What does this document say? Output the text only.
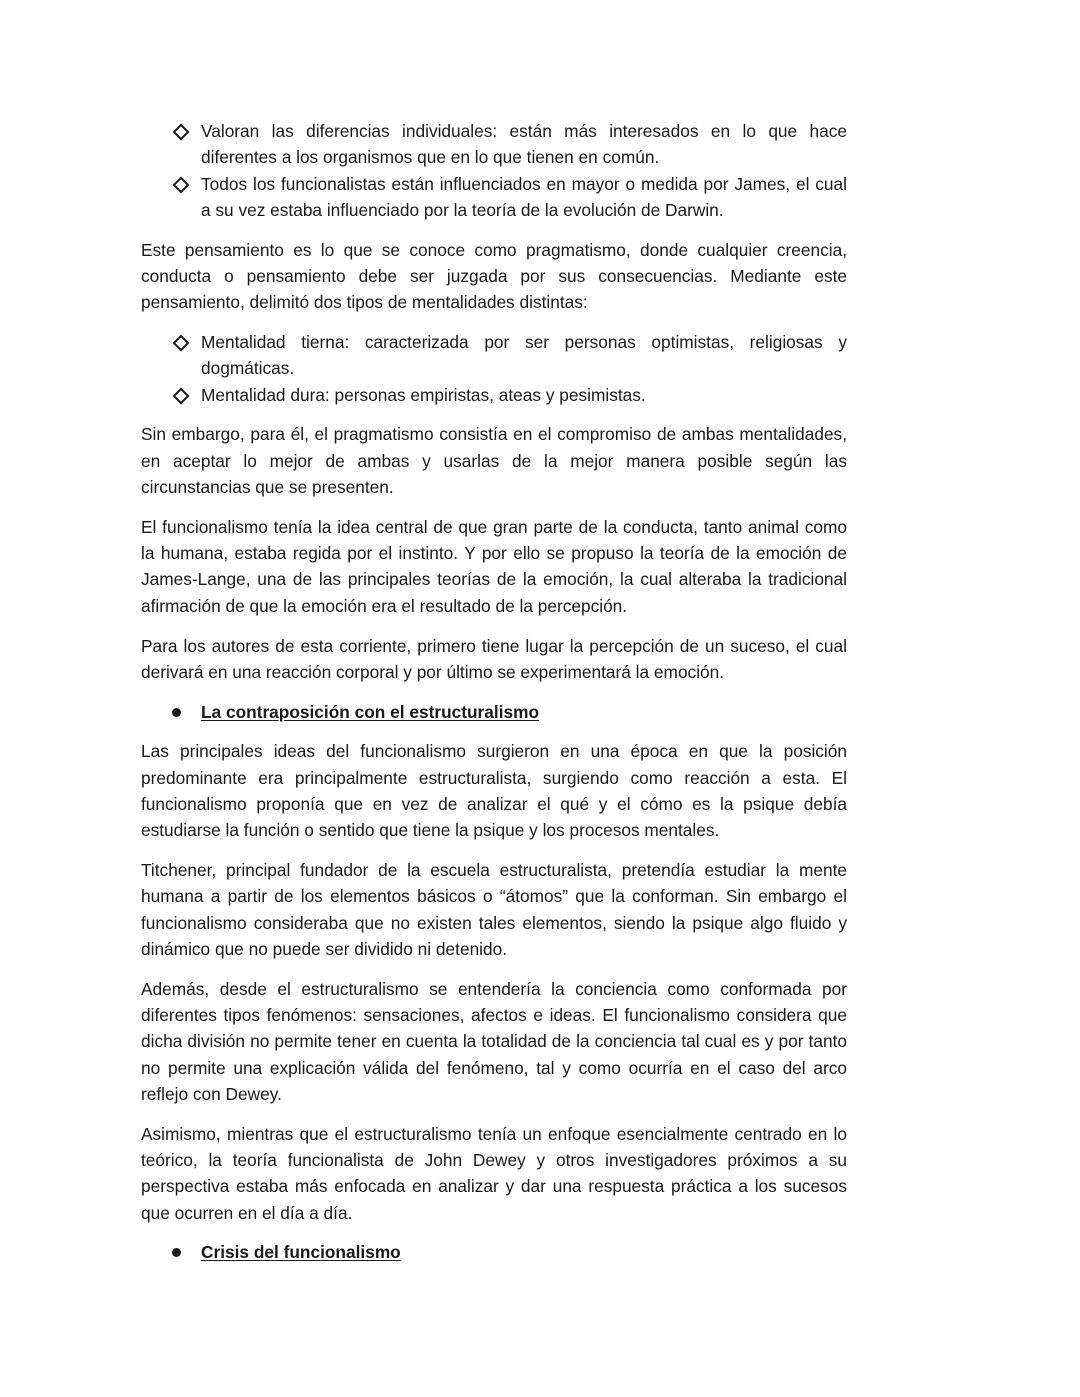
Valoran las diferencias individuales: están más interesados en lo que hace diferentes a los organismos que en lo que tienen en común.
Todos los funcionalistas están influenciados en mayor o medida por James, el cual a su vez estaba influenciado por la teoría de la evolución de Darwin.

Este pensamiento es lo que se conoce como pragmatismo, donde cualquier creencia, conducta o pensamiento debe ser juzgada por sus consecuencias. Mediante este pensamiento, delimitó dos tipos de mentalidades distintas:

Mentalidad tierna: caracterizada por ser personas optimistas, religiosas y dogmáticas.
Mentalidad dura: personas empiristas, ateas y pesimistas.

Sin embargo, para él, el pragmatismo consistía en el compromiso de ambas mentalidades, en aceptar lo mejor de ambas y usarlas de la mejor manera posible según las circunstancias que se presenten.

El funcionalismo tenía la idea central de que gran parte de la conducta, tanto animal como la humana, estaba regida por el instinto. Y por ello se propuso la teoría de la emoción de James-Lange, una de las principales teorías de la emoción, la cual alteraba la tradicional afirmación de que la emoción era el resultado de la percepción.

Para los autores de esta corriente, primero tiene lugar la percepción de un suceso, el cual derivará en una reacción corporal y por último se experimentará la emoción.

La contraposición con el estructuralismo

Las principales ideas del funcionalismo surgieron en una época en que la posición predominante era principalmente estructuralista, surgiendo como reacción a esta. El funcionalismo proponía que en vez de analizar el qué y el cómo es la psique debía estudiarse la función o sentido que tiene la psique y los procesos mentales.

Titchener, principal fundador de la escuela estructuralista, pretendía estudiar la mente humana a partir de los elementos básicos o “átomos” que la conforman. Sin embargo el funcionalismo consideraba que no existen tales elementos, siendo la psique algo fluido y dinámico que no puede ser dividido ni detenido.

Además, desde el estructuralismo se entendería la conciencia como conformada por diferentes tipos fenómenos: sensaciones, afectos e ideas. El funcionalismo considera que dicha división no permite tener en cuenta la totalidad de la conciencia tal cual es y por tanto no permite una explicación válida del fenómeno, tal y como ocurría en el caso del arco reflejo con Dewey.

Asimismo, mientras que el estructuralismo tenía un enfoque esencialmente centrado en lo teórico, la teoría funcionalista de John Dewey y otros investigadores próximos a su perspectiva estaba más enfocada en analizar y dar una respuesta práctica a los sucesos que ocurren en el día a día.

Crisis del funcionalismo
